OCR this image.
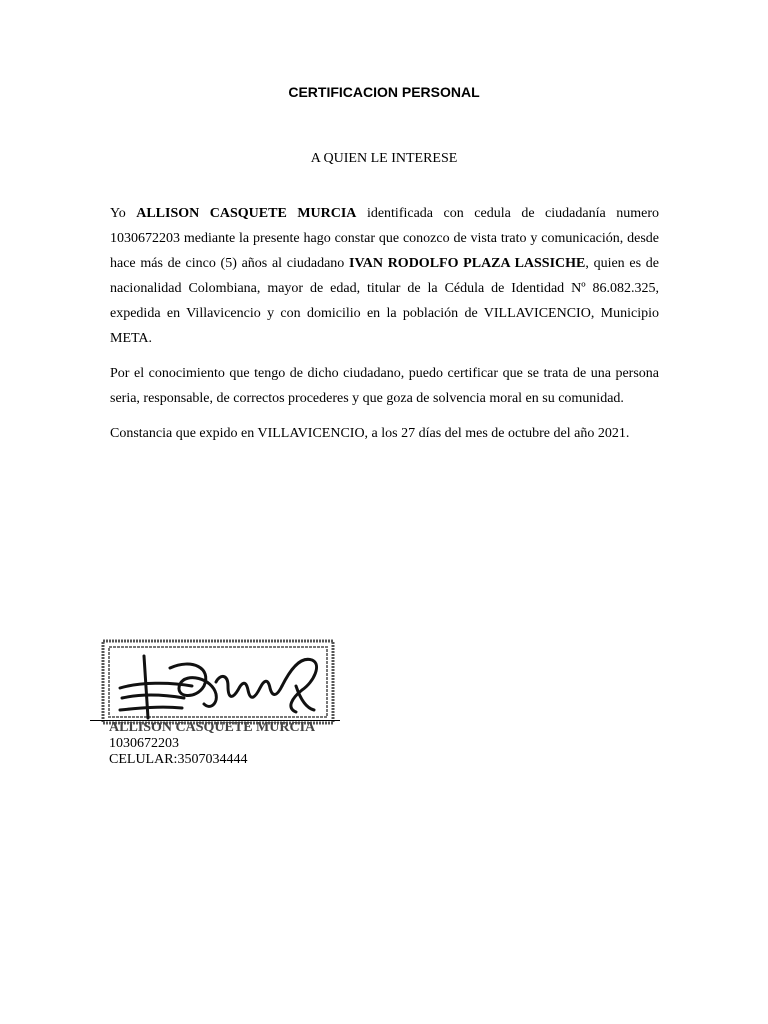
CERTIFICACION PERSONAL
A QUIEN LE INTERESE

Yo ALLISON CASQUETE MURCIA identificada con cedula de ciudadanía numero 1030672203 mediante la presente hago constar que conozco de vista trato y comunicación, desde hace más de cinco (5) años al ciudadano IVAN RODOLFO PLAZA LASSICHE, quien es de nacionalidad Colombiana, mayor de edad, titular de la Cédula de Identidad Nº 86.082.325, expedida en Villavicencio y con domicilio en la población de VILLAVICENCIO, Municipio META.

Por el conocimiento que tengo de dicho ciudadano, puedo certificar que se trata de una persona seria, responsable, de correctos procederes y que goza de solvencia moral en su comunidad.

Constancia que expido en VILLAVICENCIO, a los 27 días del mes de octubre del año 2021.

ALLISON CASQUETE MURCIA
1030672203
CELULAR:3507034444
